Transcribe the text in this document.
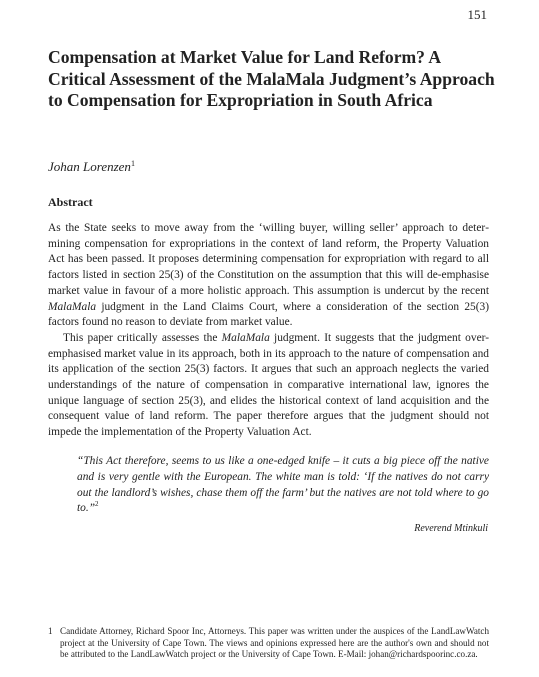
151
Compensation at Market Value for Land Reform? A Critical Assessment of the MalaMala Judgment’s Approach to Compensation for Expropriation in South Africa

Johan Lorenzen$^1$

Abstract

As the State seeks to move away from the ‘willing buyer, willing seller’ approach to determining compensation for expropriations in the context of land reform, the Property Valuation Act has been passed. It proposes determining compensation for expropriation with regard to all factors listed in section 25(3) of the Constitution on the assumption that this will de-emphasise market value in favour of a more holistic approach. This assumption is undercut by the recent MalaMala judgment in the Land Claims Court, where a consideration of the section 25(3) factors found no reason to deviate from market value.

This paper critically assesses the MalaMala judgment. It suggests that the judgment over-emphasised market value in its approach, both in its approach to the nature of compensation and its application of the section 25(3) factors. It argues that such an approach neglects the varied understandings of the nature of compensation in comparative international law, ignores the unique language of section 25(3), and elides the historical context of land acquisition and the consequent value of land reform. The paper therefore argues that the judgment should not impede the implementation of the Property Valuation Act.

“This Act therefore, seems to us like a one-edged knife – it cuts a big piece off the native and is very gentle with the European. The white man is told: ‘If the natives do not carry out the landlord’s wishes, chase them off the farm’ but the natives are not told where to go to.”$^2$

Reverend Mtinkuli

1 Candidate Attorney, Richard Spoor Inc, Attorneys. This paper was written under the auspices of the LandLawWatch project at the University of Cape Town. The views and opinions expressed here are the author's own and should not be attributed to the LandLawWatch project or the University of Cape Town. E-Mail: johan@richardspoorinc.co.za.
